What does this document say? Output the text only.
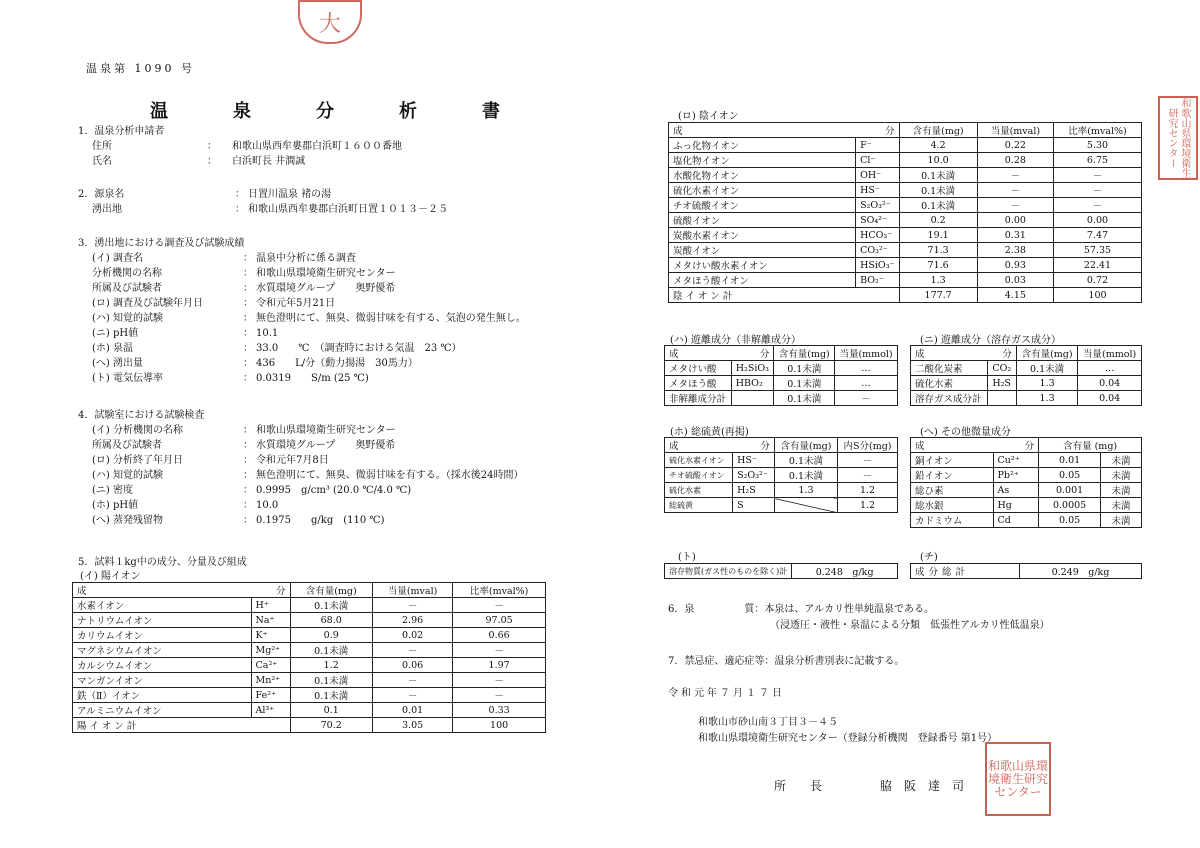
大
和歌山県環境衛生研究センター
温泉第 1090 号
温	泉	分	析	書
1．温泉分析申請者
住所	：	和歌山県西牟婁郡白浜町１６００番地
氏名	：	白浜町長 井澗誠
2．源泉名	： 日置川温泉 褚の湯
湧出地	： 和歌山県西牟婁郡白浜町日置１０１３－２５
3．湧出地における調査及び試験成績
(イ) 調査名	： 温泉中分析に係る調査
分析機関の名称	： 和歌山県環境衛生研究センター
所属及び試験者	： 水質環境グループ　　奥野優希
(ロ) 調査及び試験年月日	： 令和元年5月21日
(ハ) 知覚的試験	： 無色澄明にて、無臭、微弱甘味を有する、気泡の発生無し。
(ニ) pH値	： 10.1
(ホ) 泉温	： 33.0　　℃　（調査時における気温　23 ℃）
(へ) 湧出量	： 436　　L/分（動力揚湯　30馬力）
(ト) 電気伝導率	： 0.0319　　S/m (25 ℃)
4．試験室における試験検査
(イ) 分析機関の名称	： 和歌山県環境衛生研究センター
所属及び試験者	： 水質環境グループ　　奥野優希
(ロ) 分析終了年月日	： 令和元年7月8日
(ハ) 知覚的試験	： 無色澄明にて、無臭、微弱甘味を有する。（採水後24時間）
(ニ) 密度	： 0.9995　g/cm³ (20.0 ℃/4.0 ℃)
(ホ) pH値	： 10.0
(へ) 蒸発残留物	： 0.1975　　g/kg　(110 ℃)
5．試料１kg中の成分、分量及び組成
(イ) 陽イオン
成 分		含有量(mg)	当量(mval)	比率(mval%)
水素イオン	H⁺	0.1未満	－	－
ナトリウムイオン	Na⁺	68.0	2.96	97.05
カリウムイオン	K⁺	0.9	0.02	0.66
マグネシウムイオン	Mg²⁺	0.1未満	－	－
カルシウムイオン	Ca²⁺	1.2	0.06	1.97
マンガンイオン	Mn²⁺	0.1未満	－	－
鉄（Ⅱ）イオン	Fe²⁺	0.1未満	－	－
アルミニウムイオン	Al³⁺	0.1	0.01	0.33
陽イオン計		70.2	3.05	100
(ロ) 陰イオン
成 分		含有量(mg)	当量(mval)	比率(mval%)
ふっ化物イオン	F⁻	4.2	0.22	5.30
塩化物イオン	Cl⁻	10.0	0.28	6.75
水酸化物イオン	OH⁻	0.1未満	－	－
硫化水素イオン	HS⁻	0.1未満	－	－
チオ硫酸イオン	S₂O₃²⁻	0.1未満	－	－
硫酸イオン	SO₄²⁻	0.2	0.00	0.00
炭酸水素イオン	HCO₃⁻	19.1	0.31	7.47
炭酸イオン	CO₃²⁻	71.3	2.38	57.35
メタけい酸水素イオン	HSiO₃⁻	71.6	0.93	22.41
メタほう酸イオン	BO₂⁻	1.3	0.03	0.72
陰イオン計		177.7	4.15	100
(ハ) 遊離成分（非解離成分）
成 分		含有量(mg)	当量(mmol)
メタけい酸	H₂SiO₃	0.1未満	…
メタほう酸	HBO₂	0.1未満	…
非解離成分計		0.1未満	－
(ニ) 遊離成分（溶存ガス成分）
成 分		含有量(mg)	当量(mmol)
二酸化炭素	CO₂	0.1未満	…
硫化水素	H₂S	1.3	0.04
溶存ガス成分計		1.3	0.04
(ホ) 総硫黄(再掲)
成 分		含有量(mg)	内S分(mg)
硫化水素イオン	HS⁻	0.1未満	－
チオ硫酸イオン	S₂O₃²⁻	0.1未満	－
硫化水素	H₂S	1.3	1.2
総硫黄	S		1.2
(へ) その他微量成分
成 分		含有量 (mg)	
銅イオン	Cu²⁺	0.01	未満
鉛イオン	Pb²⁺	0.05	未満
総ひ素	As	0.001	未満
総水銀	Hg	0.0005	未満
カドミウム	Cd	0.05	未満
(ト)
溶存物質(ガス性のものを除く)計	0.248　g/kg
(チ)
成分総計	0.249　g/kg
6．泉　　　　　質：本泉は、アルカリ性単純温泉である。
（浸透圧・液性・泉温による分類　低張性アルカリ性低温泉）
7．禁忌症、適応症等：温泉分析書別表に記載する。
令和元年７月１７日
和歌山市砂山南３丁目３－４５
和歌山県環境衛生研究センター（登録分析機関　登録番号 第1号）
所　　長	脇　阪　達　司
和歌山県環境衛生研究センター
